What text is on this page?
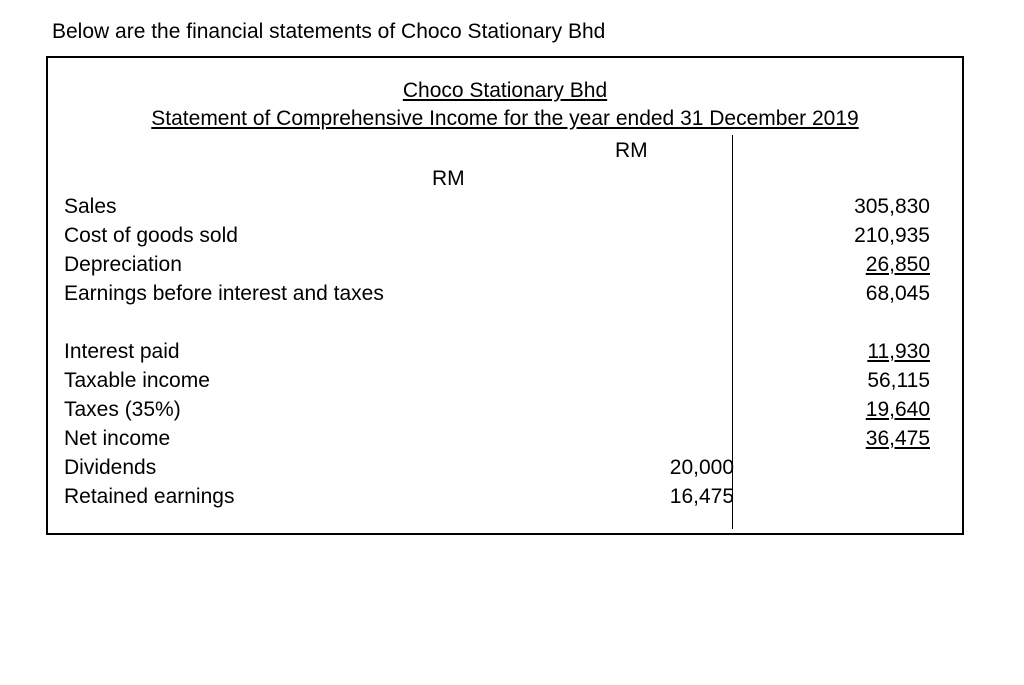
Below are the financial statements of Choco Stationary Bhd
Choco Stationary Bhd
Statement of Comprehensive Income for the year ended 31 December 2019
RM
RM
Sales	305,830
Cost of goods sold	210,935
Depreciation	26,850
Earnings before interest and taxes	68,045
Interest paid	11,930
Taxable income	56,115
Taxes (35%)	19,640
Net income	36,475
Dividends	20,000
Retained earnings	16,475
